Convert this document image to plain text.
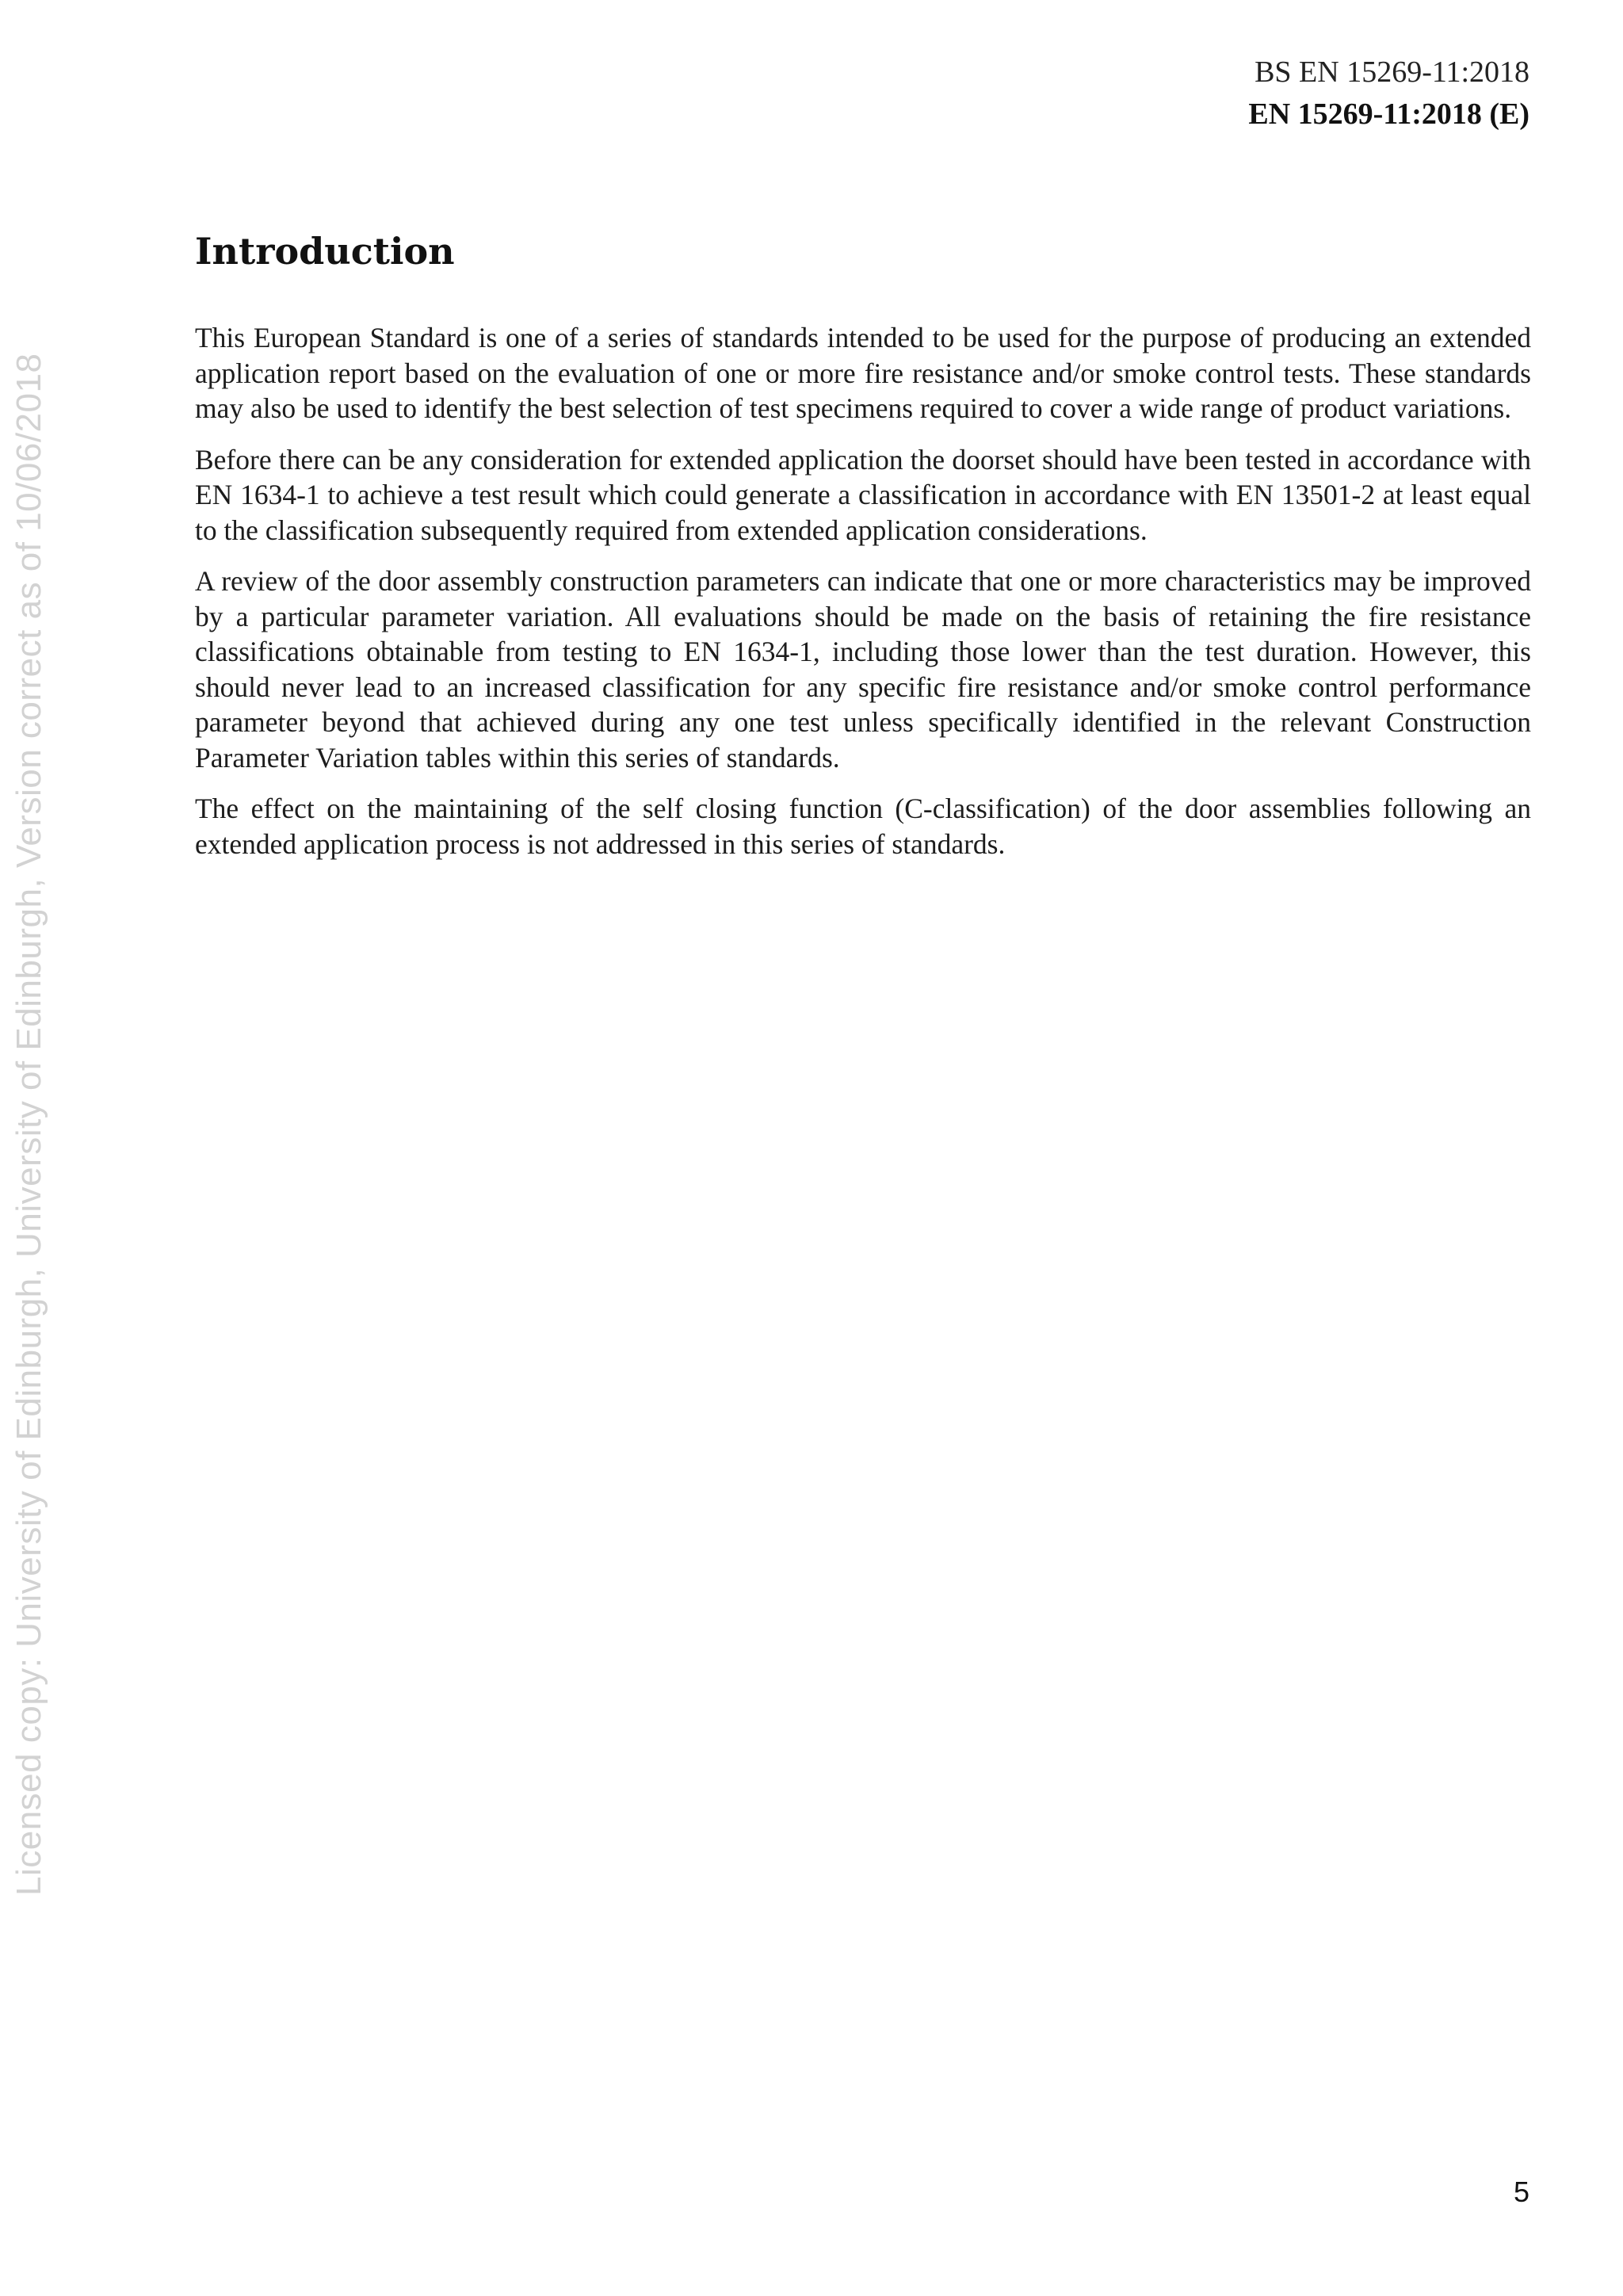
BS EN 15269-11:2018
EN 15269-11:2018 (E)
Introduction

This European Standard is one of a series of standards intended to be used for the purpose of producing an extended application report based on the evaluation of one or more fire resistance and/or smoke control tests. These standards may also be used to identify the best selection of test specimens required to cover a wide range of product variations.

Before there can be any consideration for extended application the doorset should have been tested in accordance with EN 1634-1 to achieve a test result which could generate a classification in accordance with EN 13501-2 at least equal to the classification subsequently required from extended application considerations.

A review of the door assembly construction parameters can indicate that one or more characteristics may be improved by a particular parameter variation. All evaluations should be made on the basis of retaining the fire resistance classifications obtainable from testing to EN 1634-1, including those lower than the test duration. However, this should never lead to an increased classification for any specific fire resistance and/or smoke control performance parameter beyond that achieved during any one test unless specifically identified in the relevant Construction Parameter Variation tables within this series of standards.

The effect on the maintaining of the self closing function (C-classification) of the door assemblies following an extended application process is not addressed in this series of standards.

Licensed copy: University of Edinburgh, University of Edinburgh, Version correct as of 10/06/2018
5
